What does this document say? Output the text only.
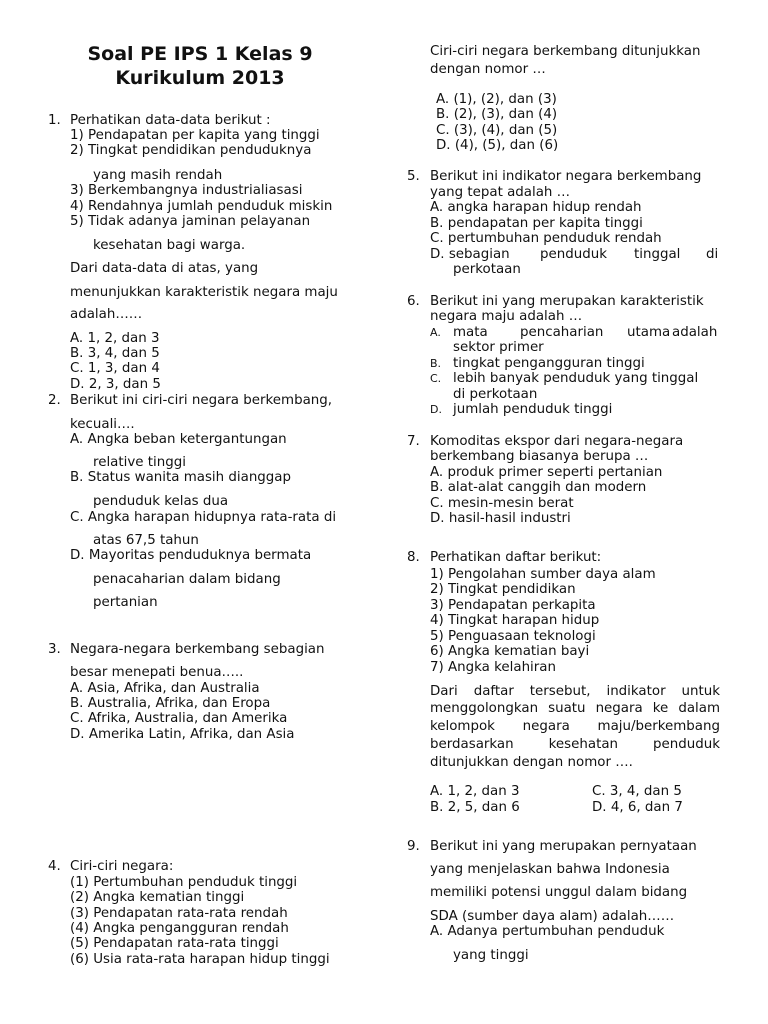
Soal PE IPS 1 Kelas 9
Kurikulum 2013
1. Perhatikan data-data berikut :
1) Pendapatan per kapita yang tinggi
2) Tingkat pendidikan penduduknya
yang masih rendah
3) Berkembangnya industrialiasasi
4) Rendahnya jumlah penduduk miskin
5) Tidak adanya jaminan pelayanan
kesehatan bagi warga.
Dari data-data di atas, yang
menunjukkan karakteristik negara maju
adalah……
A. 1, 2, dan 3
B. 3, 4, dan 5
C. 1, 3, dan 4
D. 2, 3, dan 5
2. Berikut ini ciri-ciri negara berkembang,
kecuali….
A. Angka beban ketergantungan
relative tinggi
B. Status wanita masih dianggap
penduduk kelas dua
C. Angka harapan hidupnya rata-rata di
atas 67,5 tahun
D. Mayoritas penduduknya bermata
penacaharian dalam bidang
pertanian
3. Negara-negara berkembang sebagian
besar menepati benua…..
A. Asia, Afrika, dan Australia
B. Australia, Afrika, dan Eropa
C. Afrika, Australia, dan Amerika
D. Amerika Latin, Afrika, dan Asia
4. Ciri-ciri negara:
(1) Pertumbuhan penduduk tinggi
(2) Angka kematian tinggi
(3) Pendapatan rata-rata rendah
(4) Angka pengangguran rendah
(5) Pendapatan rata-rata tinggi
(6) Usia rata-rata harapan hidup tinggi
Ciri-ciri negara berkembang ditunjukkan
dengan nomor …
A. (1), (2), dan (3)
B. (2), (3), dan (4)
C. (3), (4), dan (5)
D. (4), (5), dan (6)
5. Berikut ini indikator negara berkembang
yang tepat adalah …
A. angka harapan hidup rendah
B. pendapatan per kapita tinggi
C. pertumbuhan penduduk rendah
D. sebagian penduduk tinggal di
perkotaan
6. Berikut ini yang merupakan karakteristik
negara maju adalah …
A. mata pencaharian utama adalah
sektor primer
B. tingkat pengangguran tinggi
C. lebih banyak penduduk yang tinggal
di perkotaan
D. jumlah penduduk tinggi
7. Komoditas ekspor dari negara-negara
berkembang biasanya berupa …
A. produk primer seperti pertanian
B. alat-alat canggih dan modern
C. mesin-mesin berat
D. hasil-hasil industri
8. Perhatikan daftar berikut:
1) Pengolahan sumber daya alam
2) Tingkat pendidikan
3) Pendapatan perkapita
4) Tingkat harapan hidup
5) Penguasaan teknologi
6) Angka kematian bayi
7) Angka kelahiran
Dari daftar tersebut, indikator untuk
menggolongkan suatu negara ke dalam
kelompok negara maju/berkembang
berdasarkan kesehatan penduduk
ditunjukkan dengan nomor ….
A. 1, 2, dan 3	C. 3, 4, dan 5
B. 2, 5, dan 6	D. 4, 6, dan 7
9. Berikut ini yang merupakan pernyataan
yang menjelaskan bahwa Indonesia
memiliki potensi unggul dalam bidang
SDA (sumber daya alam) adalah……
A. Adanya pertumbuhan penduduk
yang tinggi
